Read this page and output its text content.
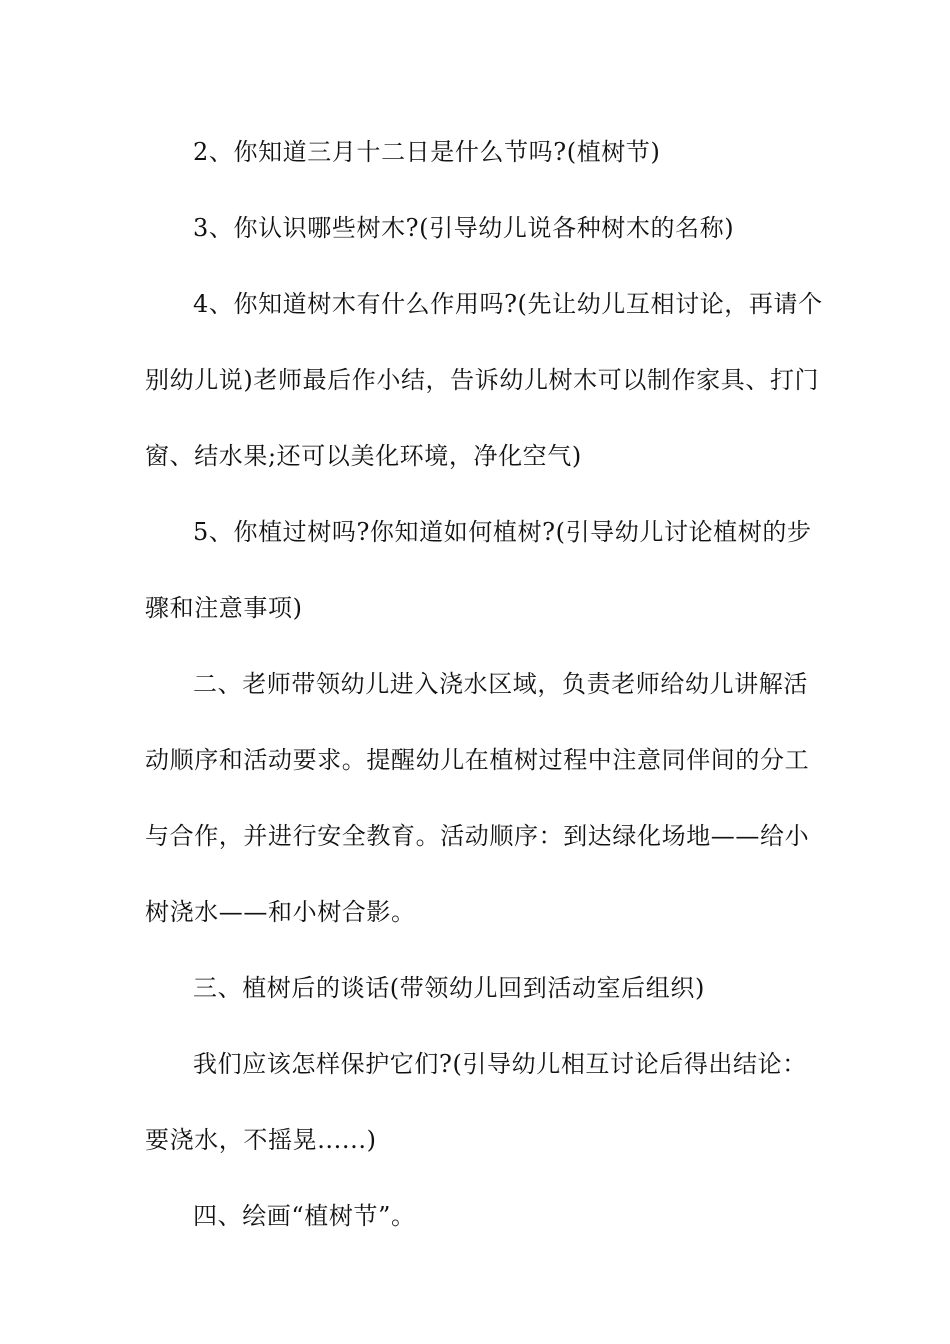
2、你知道三月十二日是什么节吗?(植树节)
3、你认识哪些树木?(引导幼儿说各种树木的名称)
4、你知道树木有什么作用吗?(先让幼儿互相讨论，再请个
别幼儿说)老师最后作小结，告诉幼儿树木可以制作家具、打门
窗、结水果;还可以美化环境，净化空气)
5、你植过树吗?你知道如何植树?(引导幼儿讨论植树的步
骤和注意事项)
二、老师带领幼儿进入浇水区域，负责老师给幼儿讲解活
动顺序和活动要求。提醒幼儿在植树过程中注意同伴间的分工
与合作，并进行安全教育。活动顺序：到达绿化场地——给小
树浇水——和小树合影。
三、植树后的谈话(带领幼儿回到活动室后组织)
我们应该怎样保护它们?(引导幼儿相互讨论后得出结论：
要浇水，不摇晃......)
四、绘画“植树节”。
